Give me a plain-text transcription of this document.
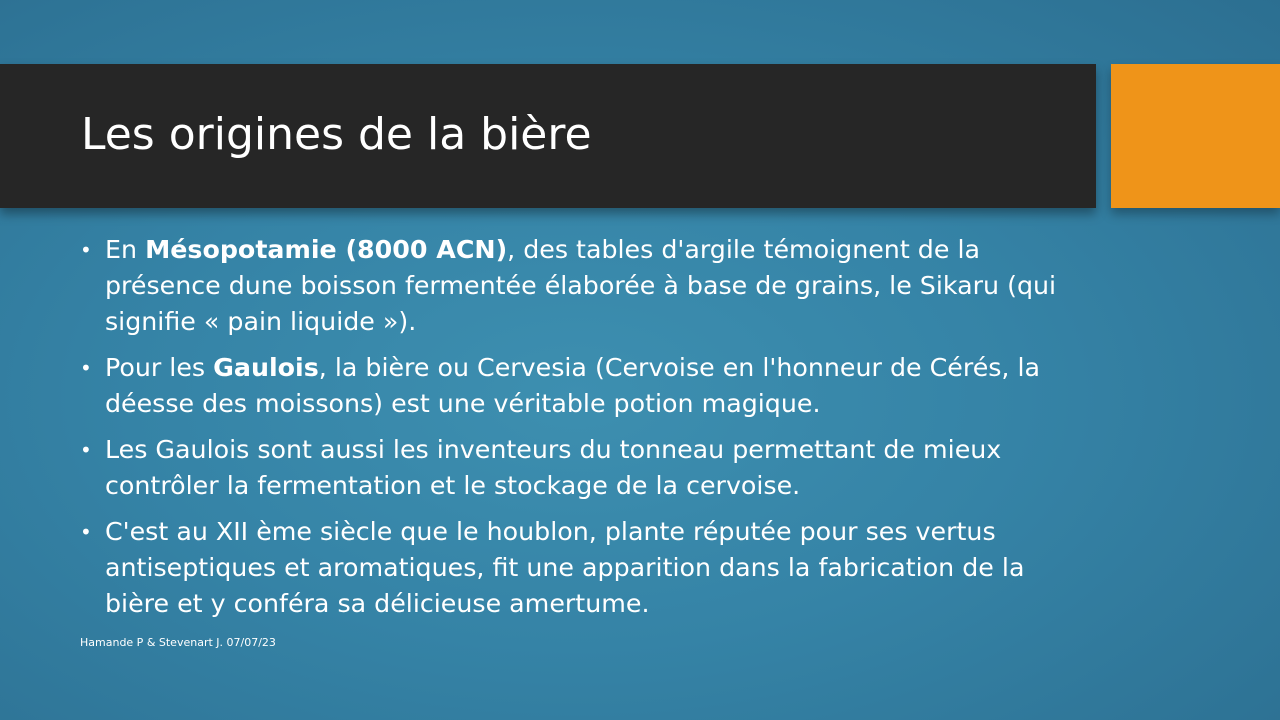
Les origines de la bière
• En Mésopotamie (8000 ACN), des tables d'argile témoignent de la présence dune boisson fermentée élaborée à base de grains, le Sikaru (qui signifie « pain liquide »).
• Pour les Gaulois, la bière ou Cervesia (Cervoise en l'honneur de Cérés, la déesse des moissons) est une véritable potion magique.
• Les Gaulois sont aussi les inventeurs du tonneau permettant de mieux contrôler la fermentation et le stockage de la cervoise.
• C'est au XII ème siècle que le houblon, plante réputée pour ses vertus antiseptiques et aromatiques, fit une apparition dans la fabrication de la bière et y conféra sa délicieuse amertume.
Hamande P & Stevenart J. 07/07/23
